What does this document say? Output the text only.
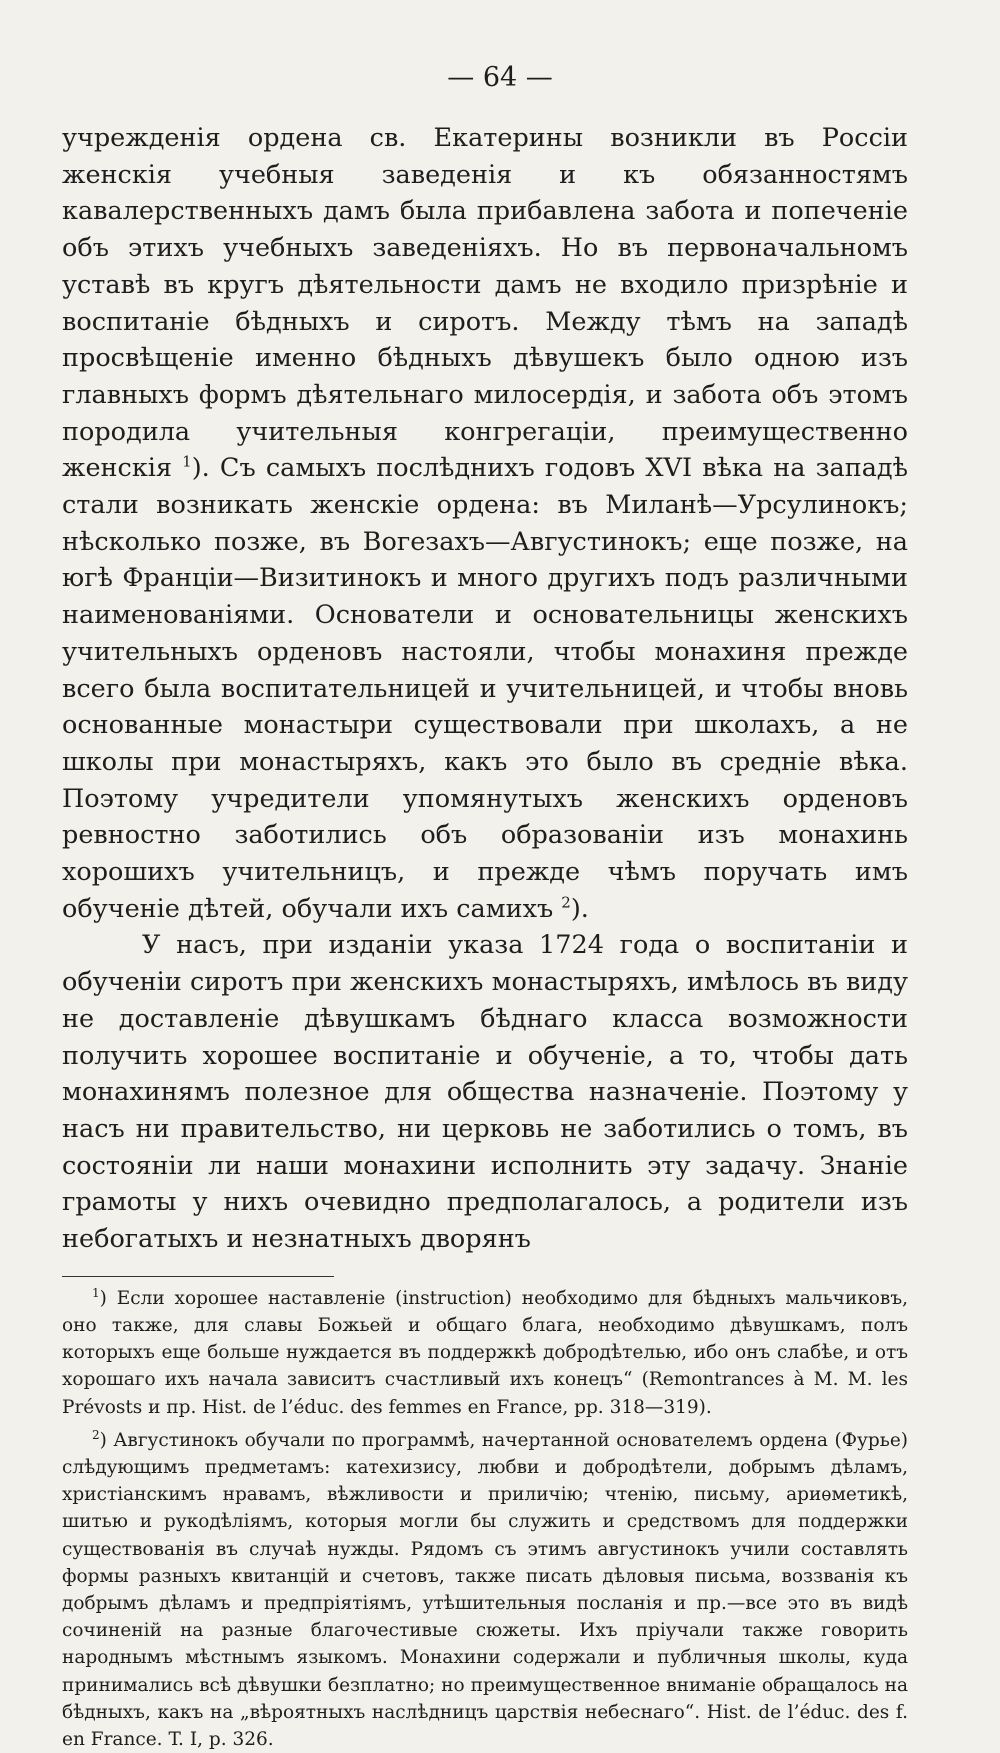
— 64 —

учрежденія ордена св. Екатерины возникли въ Россіи женскія учебныя заведенія и къ обязанностямъ кавалерственныхъ дамъ была прибавлена забота и попеченіе объ этихъ учебныхъ заведеніяхъ. Но въ первоначальномъ уставѣ въ кругъ дѣятельности дамъ не входило призрѣніе и воспитаніе бѣдныхъ и сиротъ. Между тѣмъ на западѣ просвѣщеніе именно бѣдныхъ дѣвушекъ было одною изъ главныхъ формъ дѣятельнаго милосердія, и забота объ этомъ породила учительныя конгрегаціи, преимущественно женскія $^1$). Съ самыхъ послѣднихъ годовъ XVI вѣка на западѣ стали возникать женскіе ордена: въ Миланѣ—Урсулинокъ; нѣсколько позже, въ Вогезахъ—Августинокъ; еще позже, на югѣ Франціи—Визитинокъ и много другихъ подъ различными наименованіями. Основатели и основательницы женскихъ учительныхъ орденовъ настояли, чтобы монахиня прежде всего была воспитательницей и учительницей, и чтобы вновь основанные монастыри существовали при школахъ, а не школы при монастыряхъ, какъ это было въ средніе вѣка. Поэтому учредители упомянутыхъ женскихъ орденовъ ревностно заботились объ образованіи изъ монахинь хорошихъ учительницъ, и прежде чѣмъ поручать имъ обученіе дѣтей, обучали ихъ самихъ $^2$).

У насъ, при изданіи указа 1724 года о воспитаніи и обученіи сиротъ при женскихъ монастыряхъ, имѣлось въ виду не доставленіе дѣвушкамъ бѣднаго класса возможности получить хорошее воспитаніе и обученіе, а то, чтобы дать монахинямъ полезное для общества назначеніе. Поэтому у насъ ни правительство, ни церковь не заботились о томъ, въ состояніи ли наши монахини исполнить эту задачу. Знаніе грамоты у нихъ очевидно предполагалось, а родители изъ небогатыхъ и незнатныхъ дворянъ

$^1$) Если хорошее наставленіе (instruction) необходимо для бѣдныхъ мальчиковъ, оно также, для славы Божьей и общаго блага, необходимо дѣвушкамъ, полъ которыхъ еще больше нуждается въ поддержкѣ добродѣтелью, ибо онъ слабѣе, и отъ хорошаго ихъ начала зависитъ счастливый ихъ конецъ“ (Remontrances à M. M. les Prévosts и пр. Hist. de l’éduc. des femmes en France, pp. 318—319).

$^2$) Августинокъ обучали по программѣ, начертанной основателемъ ордена (Фурье) слѣдующимъ предметамъ: катехизису, любви и добродѣтели, добрымъ дѣламъ, христіанскимъ нравамъ, вѣжливости и приличію; чтенію, письму, ариѳметикѣ, шитью и рукодѣліямъ, которыя могли бы служить и средствомъ для поддержки существованія въ случаѣ нужды. Рядомъ съ этимъ августинокъ учили составлять формы разныхъ квитанцій и счетовъ, также писать дѣловыя письма, воззванія къ добрымъ дѣламъ и предпріятіямъ, утѣшительныя посланія и пр.—все это въ видѣ сочиненій на разные благочестивые сюжеты. Ихъ пріучали также говорить народнымъ мѣстнымъ языкомъ. Монахини содержали и публичныя школы, куда принимались всѣ дѣвушки безплатно; но преимущественное вниманіе обращалось на бѣдныхъ, какъ на „вѣроятныхъ наслѣдницъ царствія небеснаго“. Hist. de l’éduc. des f. en France. T. I, p. 326.
